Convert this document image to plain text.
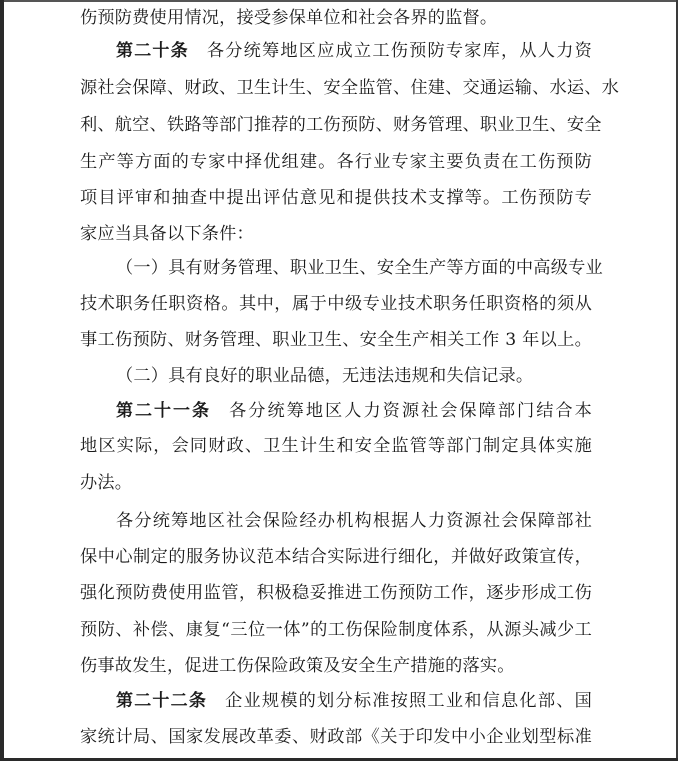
伤预防费使用情况，接受参保单位和社会各界的监督。
第二十条 各分统筹地区应成立工伤预防专家库，从人力资
源社会保障、财政、卫生计生、安全监管、住建、交通运输、水运、水
利、航空、铁路等部门推荐的工伤预防、财务管理、职业卫生、安全
生产等方面的专家中择优组建。各行业专家主要负责在工伤预防
项目评审和抽查中提出评估意见和提供技术支撑等。工伤预防专
家应当具备以下条件：
（一）具有财务管理、职业卫生、安全生产等方面的中高级专业
技术职务任职资格。其中，属于中级专业技术职务任职资格的须从
事工伤预防、财务管理、职业卫生、安全生产相关工作 3 年以上。
（二）具有良好的职业品德，无违法违规和失信记录。
第二十一条 各分统筹地区人力资源社会保障部门结合本
地区实际，会同财政、卫生计生和安全监管等部门制定具体实施
办法。
各分统筹地区社会保险经办机构根据人力资源社会保障部社
保中心制定的服务协议范本结合实际进行细化，并做好政策宣传，
强化预防费使用监管，积极稳妥推进工伤预防工作，逐步形成工伤
预防、补偿、康复“三位一体”的工伤保险制度体系，从源头减少工
伤事故发生，促进工伤保险政策及安全生产措施的落实。
第二十二条 企业规模的划分标准按照工业和信息化部、国
家统计局、国家发展改革委、财政部《关于印发中小企业划型标准
